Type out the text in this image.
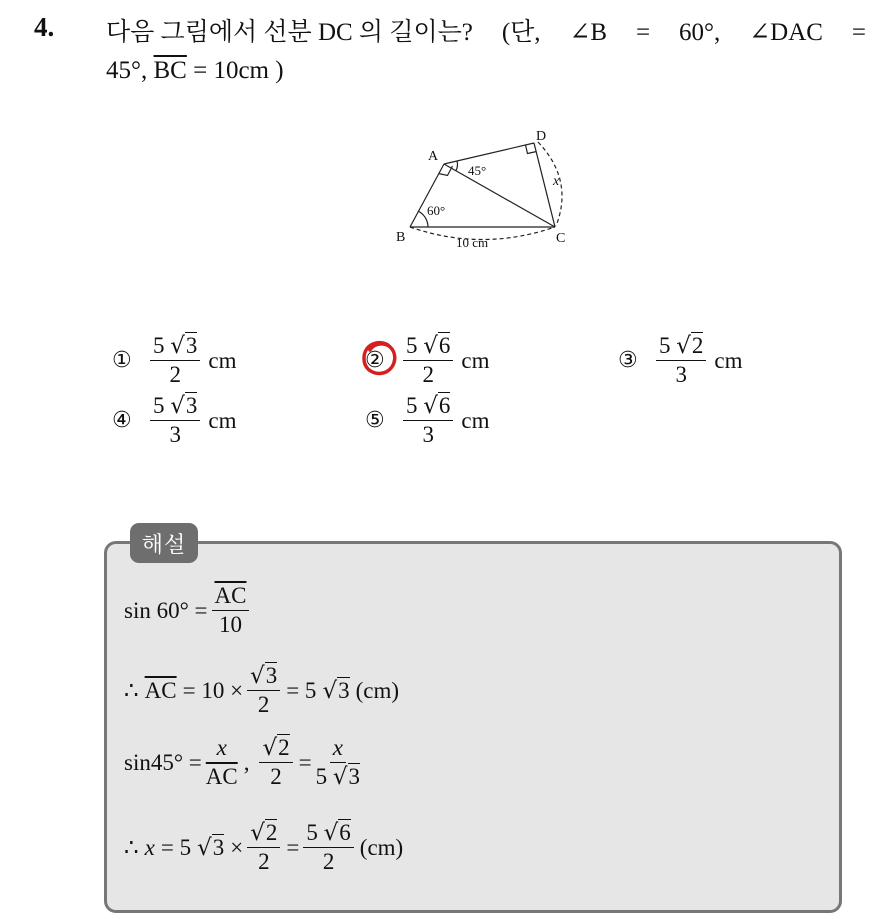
4. 다음 그림에서 선분 DC 의 길이는? (단, ∠B = 60°, ∠DAC =
45°, $\overline{BC} = 10cm$ )
A
B	C
D
45°
60°
x
10 cm
① $\frac{5 √3}{2}$ cm	② $\frac{5 √6}{2}$ cm	③ $\frac{5 √2}{3}$ cm
④ $\frac{5 √3}{3}$ cm	⑤ $\frac{5 √6}{3}$ cm
해설
$\sin 60^\circ = \frac{\overline{AC}}{10}$
∴ $\overline{AC} = 10 \times \frac{√3}{2} = 5$ √3 (cm)
$\sin 45^\circ = \frac{x}{AC}$ , $\frac{√2}{2} = \frac{x}{5 √3}$
∴ x = 5 $√3 \times \frac{√2}{2} = \frac{5 √6}{2} (cm)$
